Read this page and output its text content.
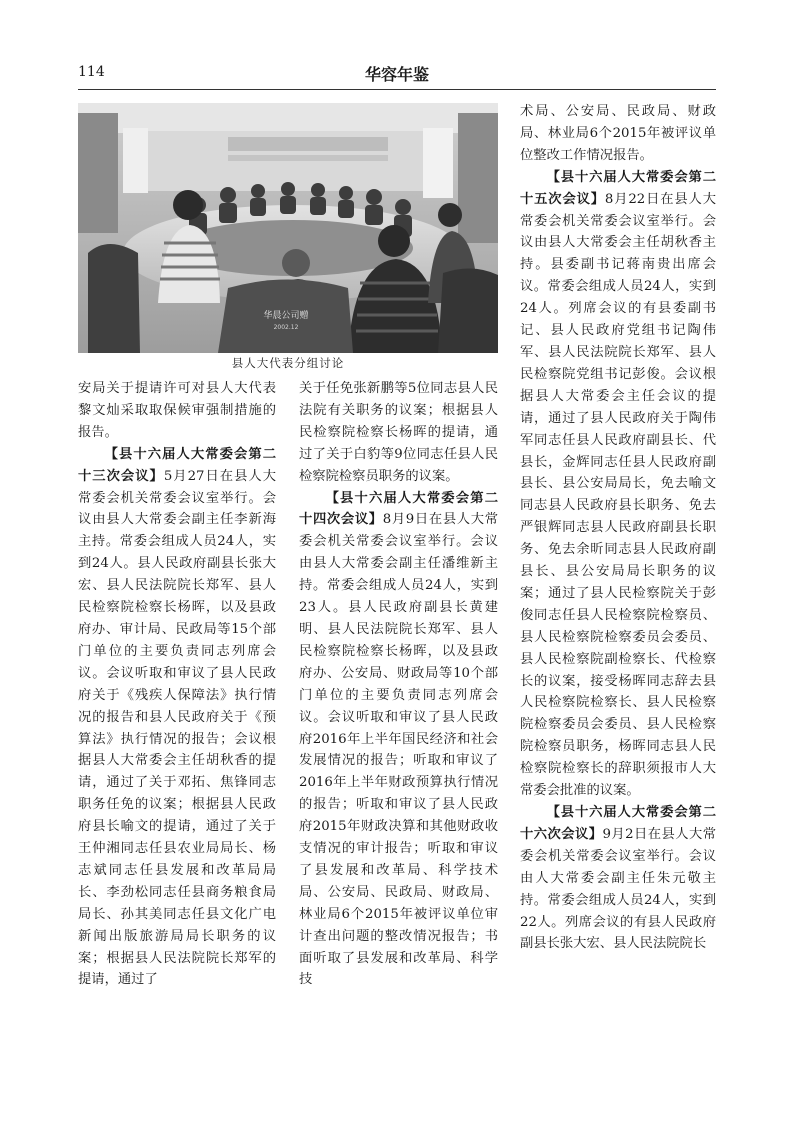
114	华容年鉴
华晨公司赠
2002.12
县人大代表分组讨论

安局关于提请许可对县人大代表黎文灿采取取保候审强制措施的报告。

【县十六届人大常委会第二十三次会议】5月27日在县人大常委会机关常委会议室举行。会议由县人大常委会副主任李新海主持。常委会组成人员24人，实到24人。县人民政府副县长张大宏、县人民法院院长郑军、县人民检察院检察长杨晖，以及县政府办、审计局、民政局等15个部门单位的主要负责同志列席会议。会议听取和审议了县人民政府关于《残疾人保障法》执行情况的报告和县人民政府关于《预算法》执行情况的报告；会议根据县人大常委会主任胡秋香的提请，通过了关于邓拓、焦锋同志职务任免的议案；根据县人民政府县长喻文的提请，通过了关于王仲湘同志任县农业局局长、杨志斌同志任县发展和改革局局长、李劲松同志任县商务粮食局局长、孙其美同志任县文化广电新闻出版旅游局局长职务的议案；根据县人民法院院长郑军的提请，通过了

关于任免张新鹏等5位同志县人民法院有关职务的议案；根据县人民检察院检察长杨晖的提请，通过了关于白豹等9位同志任县人民检察院检察员职务的议案。

【县十六届人大常委会第二十四次会议】8月9日在县人大常委会机关常委会议室举行。会议由县人大常委会副主任潘维新主持。常委会组成人员24人，实到23人。县人民政府副县长黄建明、县人民法院院长郑军、县人民检察院检察长杨晖，以及县政府办、公安局、财政局等10个部门单位的主要负责同志列席会议。会议听取和审议了县人民政府2016年上半年国民经济和社会发展情况的报告；听取和审议了2016年上半年财政预算执行情况的报告；听取和审议了县人民政府2015年财政决算和其他财政收支情况的审计报告；听取和审议了县发展和改革局、科学技术局、公安局、民政局、财政局、林业局6个2015年被评议单位审计查出问题的整改情况报告；书面听取了县发展和改革局、科学技

术局、公安局、民政局、财政局、林业局6个2015年被评议单位整改工作情况报告。

【县十六届人大常委会第二十五次会议】8月22日在县人大常委会机关常委会议室举行。会议由县人大常委会主任胡秋香主持。县委副书记蒋南贵出席会议。常委会组成人员24人，实到24人。列席会议的有县委副书记、县人民政府党组书记陶伟军、县人民法院院长郑军、县人民检察院党组书记彭俊。会议根据县人大常委会主任会议的提请，通过了县人民政府关于陶伟军同志任县人民政府副县长、代县长，金辉同志任县人民政府副县长、县公安局局长，免去喻文同志县人民政府县长职务、免去严银辉同志县人民政府副县长职务、免去余昕同志县人民政府副县长、县公安局局长职务的议案；通过了县人民检察院关于彭俊同志任县人民检察院检察员、县人民检察院检察委员会委员、县人民检察院副检察长、代检察长的议案，接受杨晖同志辞去县人民检察院检察长、县人民检察院检察委员会委员、县人民检察院检察员职务，杨晖同志县人民检察院检察长的辞职须报市人大常委会批准的议案。

【县十六届人大常委会第二十六次会议】9月2日在县人大常委会机关常委会议室举行。会议由人大常委会副主任朱元敬主持。常委会组成人员24人，实到22人。列席会议的有县人民政府副县长张大宏、县人民法院院长
